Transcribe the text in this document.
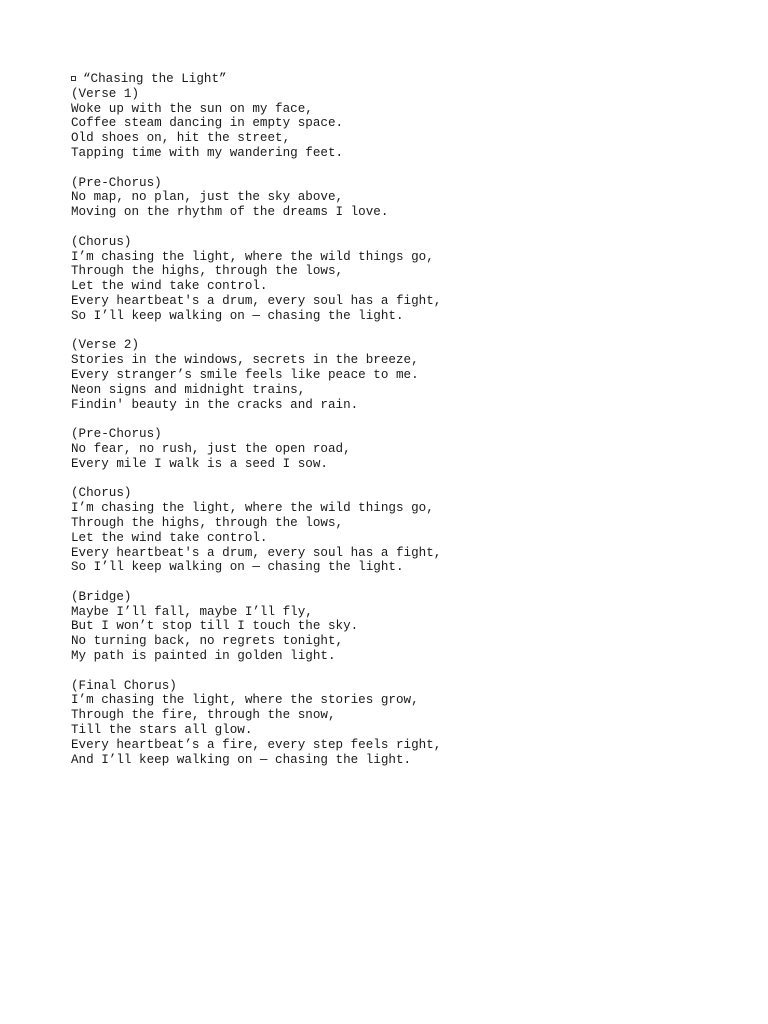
“Chasing the Light”
(Verse 1)
Woke up with the sun on my face,
Coffee steam dancing in empty space.
Old shoes on, hit the street,
Tapping time with my wandering feet.
(Pre-Chorus)
No map, no plan, just the sky above,
Moving on the rhythm of the dreams I love.
(Chorus)
I’m chasing the light, where the wild things go,
Through the highs, through the lows,
Let the wind take control.
Every heartbeat's a drum, every soul has a fight,
So I’ll keep walking on — chasing the light.
(Verse 2)
Stories in the windows, secrets in the breeze,
Every stranger’s smile feels like peace to me.
Neon signs and midnight trains,
Findin' beauty in the cracks and rain.
(Pre-Chorus)
No fear, no rush, just the open road,
Every mile I walk is a seed I sow.
(Chorus)
I’m chasing the light, where the wild things go,
Through the highs, through the lows,
Let the wind take control.
Every heartbeat's a drum, every soul has a fight,
So I’ll keep walking on — chasing the light.
(Bridge)
Maybe I’ll fall, maybe I’ll fly,
But I won’t stop till I touch the sky.
No turning back, no regrets tonight,
My path is painted in golden light.
(Final Chorus)
I’m chasing the light, where the stories grow,
Through the fire, through the snow,
Till the stars all glow.
Every heartbeat’s a fire, every step feels right,
And I’ll keep walking on — chasing the light.
